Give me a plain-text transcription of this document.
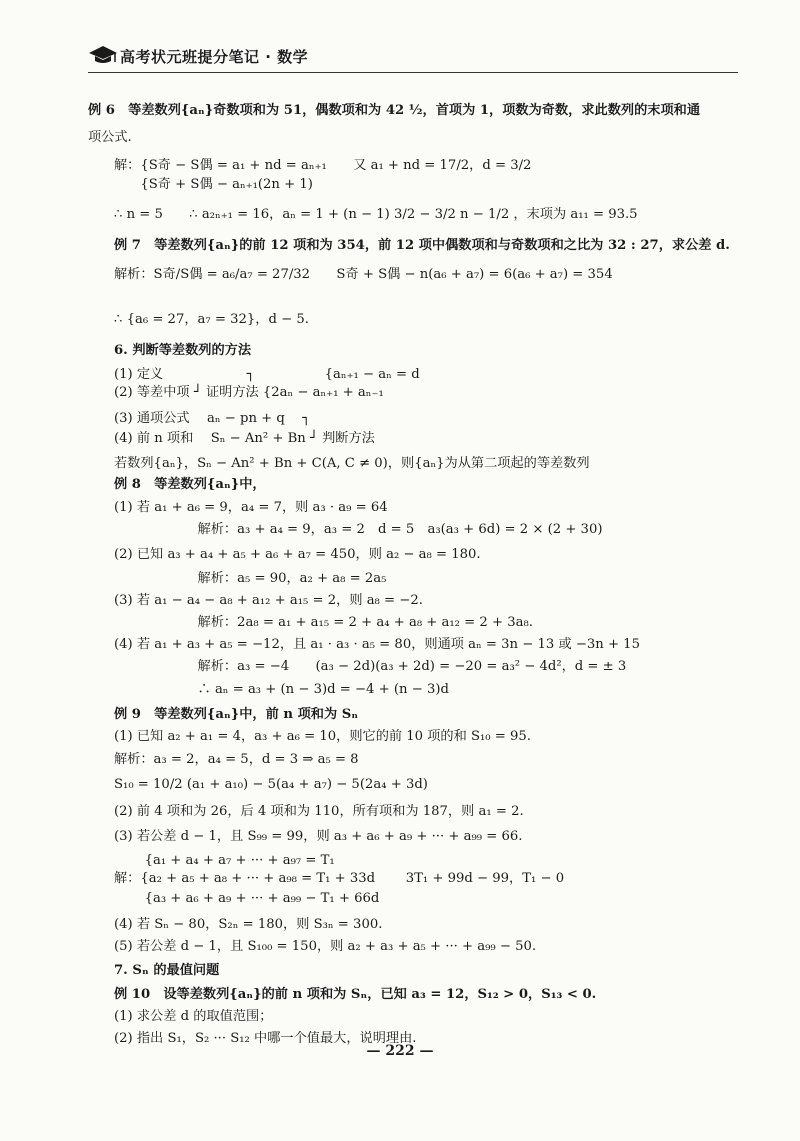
高考状元班提分笔记 · 数学
例 6　等差数列{aₙ}奇数项和为 51，偶数项和为 42 ½，首项为 1，项数为奇数，求此数列的末项和通
项公式.
解：{S奇 − S偶 = a₁ + nd = aₙ₊₁　　又 a₁ + nd = 17/2，d = 3/2
　　{S奇 + S偶 − aₙ₊₁(2n + 1)
∴ n = 5　　∴ a₂ₙ₊₁ = 16，aₙ = 1 + (n − 1) 3/2 − 3/2 n − 1/2 ，末项为 a₁₁ = 93.5
例 7　等差数列{aₙ}的前 12 项和为 354，前 12 项中偶数项和与奇数项和之比为 32 : 27，求公差 d.
解析：S奇/S偶 = a₆/a₇ = 27/32　　S奇 + S偶 − n(a₆ + a₇) = 6(a₆ + a₇) = 354
∴ {a₆ = 27，a₇ = 32}，d − 5.
6. 判断等差数列的方法
(1) 定义　　　　　　 ┐　　　　　 {aₙ₊₁ − aₙ = d
(2) 等差中项 ┘ 证明方法 {2aₙ − aₙ₊₁ + aₙ₋₁
(3) 通项公式　 aₙ − pn + q　 ┐
(4) 前 n 项和　 Sₙ − An² + Bn ┘ 判断方法
若数列{aₙ}，Sₙ − An² + Bn + C(A, C ≠ 0)，则{aₙ}为从第二项起的等差数列
例 8　等差数列{aₙ}中，
(1) 若 a₁ + a₆ = 9，a₄ = 7，则 a₃ · a₉ = 64
　　　解析：a₃ + a₄ = 9，a₃ = 2　d = 5　a₃(a₃ + 6d) = 2 × (2 + 30)
(2) 已知 a₃ + a₄ + a₅ + a₆ + a₇ = 450，则 a₂ − a₈ = 180.
　　　解析：a₅ = 90，a₂ + a₈ = 2a₅
(3) 若 a₁ − a₄ − a₈ + a₁₂ + a₁₅ = 2，则 a₈ = −2.
　　　解析：2a₈ = a₁ + a₁₅ = 2 + a₄ + a₈ + a₁₂ = 2 + 3a₈.
(4) 若 a₁ + a₃ + a₅ = −12，且 a₁ · a₃ · a₅ = 80，则通项 aₙ = 3n − 13 或 −3n + 15
　　　解析：a₃ = −4　　(a₃ − 2d)(a₃ + 2d) = −20 = a₃² − 4d²，d = ± 3
　　　∴ aₙ = a₃ + (n − 3)d = −4 + (n − 3)d
例 9　等差数列{aₙ}中，前 n 项和为 Sₙ
(1) 已知 a₂ + a₁ = 4，a₃ + a₆ = 10，则它的前 10 项的和 S₁₀ = 95.
解析：a₃ = 2，a₄ = 5，d = 3 ⇒ a₅ = 8
S₁₀ = 10/2 (a₁ + a₁₀) − 5(a₄ + a₇) − 5(2a₄ + 3d)
(2) 前 4 项和为 26，后 4 项和为 110，所有项和为 187，则 a₁ = 2.
(3) 若公差 d − 1，且 S₉₉ = 99，则 a₃ + a₆ + a₉ + ··· + a₉₉ = 66.
　　 {a₁ + a₄ + a₇ + ··· + a₉₇ = T₁
解：{a₂ + a₅ + a₈ + ··· + a₉₈ = T₁ + 33d　　 3T₁ + 99d − 99，T₁ − 0
　　 {a₃ + a₆ + a₉ + ··· + a₉₉ − T₁ + 66d
(4) 若 Sₙ − 80，S₂ₙ = 180，则 S₃ₙ = 300.
(5) 若公差 d − 1，且 S₁₀₀ = 150，则 a₂ + a₃ + a₅ + ··· + a₉₉ − 50.
7. Sₙ 的最值问题
例 10　设等差数列{aₙ}的前 n 项和为 Sₙ，已知 a₃ = 12，S₁₂ > 0，S₁₃ < 0.
(1) 求公差 d 的取值范围；
(2) 指出 S₁，S₂ ··· S₁₂ 中哪一个值最大，说明理由.
— 222 —
